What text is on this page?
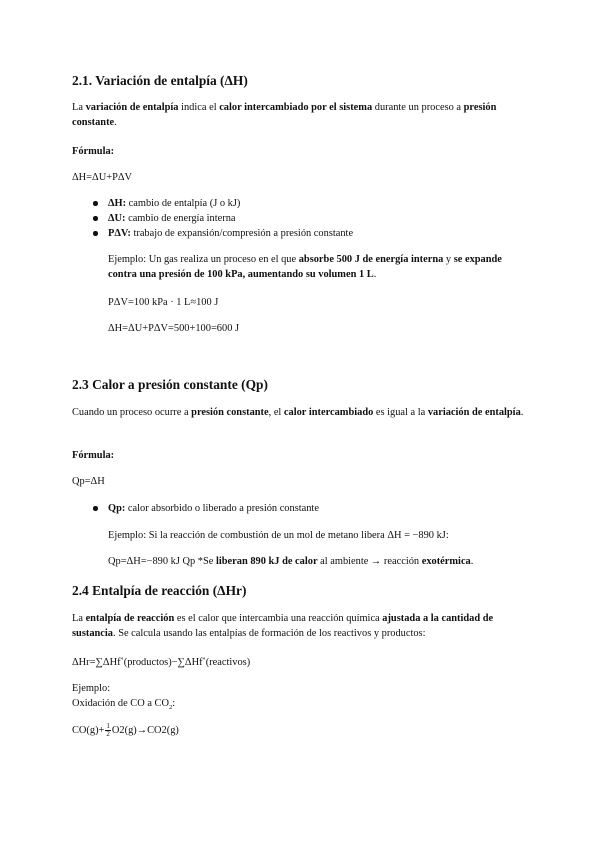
2.1. Variación de entalpía (ΔH)
La variación de entalpía indica el calor intercambiado por el sistema durante un proceso a presión constante.
Fórmula:
ΔH=ΔU+PΔV
ΔH: cambio de entalpía (J o kJ)
ΔU: cambio de energía interna
PΔV: trabajo de expansión/compresión a presión constante
Ejemplo: Un gas realiza un proceso en el que absorbe 500 J de energía interna y se expande contra una presión de 100 kPa, aumentando su volumen 1 L.
PΔV=100 kPa · 1 L≈100 J
ΔH=ΔU+PΔV=500+100=600 J
2.3 Calor a presión constante (Qp)
Cuando un proceso ocurre a presión constante, el calor intercambiado es igual a la variación de entalpía.
Fórmula:
Qp=ΔH
Qp: calor absorbido o liberado a presión constante
Ejemplo: Si la reacción de combustión de un mol de metano libera ΔH = −890 kJ:
Qp=ΔH=−890 kJ Qp *Se liberan 890 kJ de calor al ambiente → reacción exotérmica.
2.4 Entalpía de reacción (ΔHr)
La entalpía de reacción es el calor que intercambia una reacción química ajustada a la cantidad de sustancia. Se calcula usando las entalpías de formación de los reactivos y productos:
ΔHr=∑ΔHf∘(productos)−∑ΔHf∘(reactivos)
Ejemplo:
Oxidación de CO a $CO_2$:
$CO(g)+ \frac{1}{2} O2(g)\to CO2(g)$
